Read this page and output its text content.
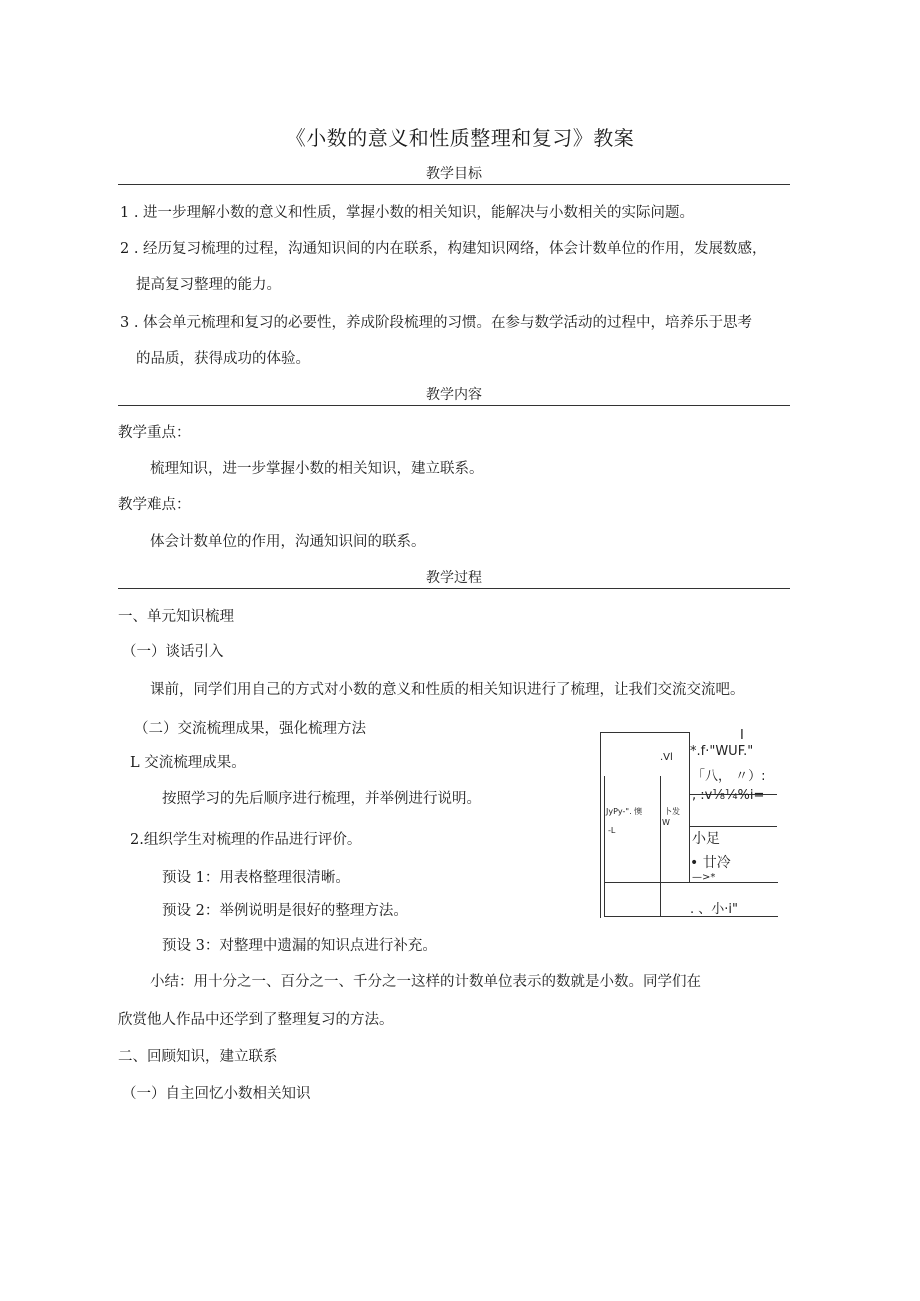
《小数的意义和性质整理和复习》教案
教学目标
1 . 进一步理解小数的意义和性质，掌握小数的相关知识，能解决与小数相关的实际问题。
2 . 经历复习梳理的过程，沟通知识间的内在联系，构建知识网络，体会计数单位的作用，发展数感，
提高复习整理的能力。
3 . 体会单元梳理和复习的必要性，养成阶段梳理的习惯。在参与数学活动的过程中，培养乐于思考
的品质，获得成功的体验。
教学内容
教学重点：
梳理知识，进一步掌握小数的相关知识，建立联系。
教学难点：
体会计数单位的作用，沟通知识间的联系。
教学过程
一、单元知识梳理
（一）谈话引入
课前，同学们用自己的方式对小数的意义和性质的相关知识进行了梳理，让我们交流交流吧。
（二）交流梳理成果，强化梳理方法
L 交流梳理成果。
按照学习的先后顺序进行梳理，并举例进行说明。
2.组织学生对梳理的作品进行评价。
预设 1：用表格整理很清晰。
预设 2：举例说明是很好的整理方法。
预设 3：对整理中遗漏的知识点进行补充。
小结：用十分之一、百分之一、千分之一这样的计数单位表示的数就是小数。同学们在
欣赏他人作品中还学到了整理复习的方法。
二、回顾知识，建立联系
（一）自主回忆小数相关知识
.Vl
I
*.f·"WUF."
「八， 〃）:
, :v⅛¼%i=
JyPy-". 懊	卜发
W
-L
小足
• 廿冷
—>*
. 、小·i"
